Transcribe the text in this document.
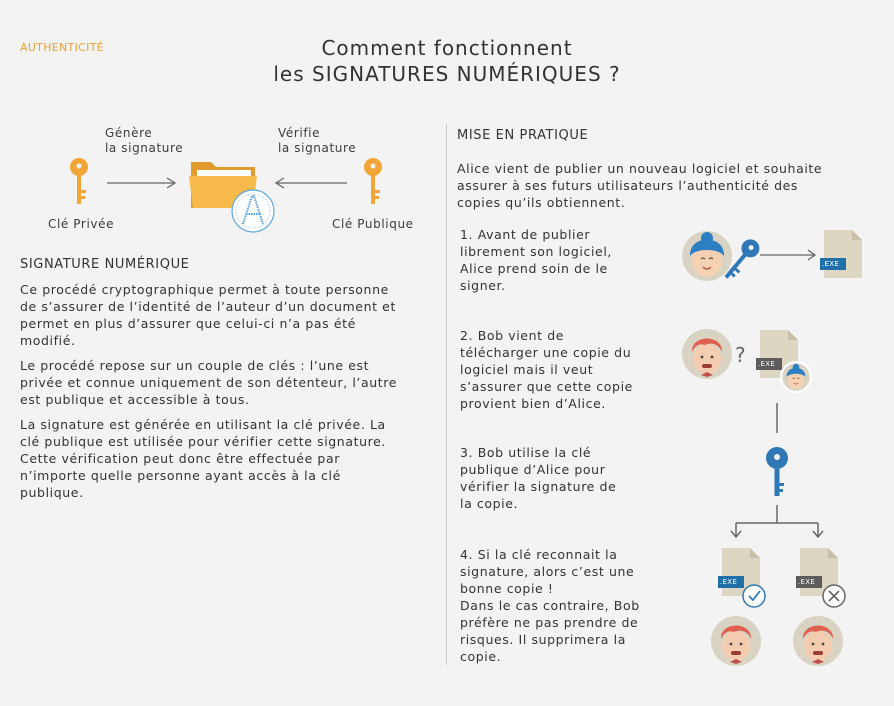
AUTHENTICITÉ	Comment fonctionnent
les SIGNATURES NUMÉRIQUES ?
Génère
la signature
Vérifie
la signature
Clé Privée	Clé Publique
SIGNATURE NUMÉRIQUE

Ce procédé cryptographique permet à toute personne
de s’assurer de l’identité de l’auteur d’un document et
permet en plus d’assurer que celui-ci n’a pas été
modifié.

Le procédé repose sur un couple de clés : l’une est
privée et connue uniquement de son détenteur, l’autre
est publique et accessible à tous.

La signature est générée en utilisant la clé privée. La
clé publique est utilisée pour vérifier cette signature.
Cette vérification peut donc être effectuée par
n’importe quelle personne ayant accès à la clé
publique.

MISE EN PRATIQUE
Alice vient de publier un nouveau logiciel et souhaite
assurer à ses futurs utilisateurs l’authenticité des
copies qu’ils obtiennent.
1. Avant de publier
librement son logiciel,
Alice prend soin de le
signer.
2. Bob vient de
télécharger une copie du
logiciel mais il veut
s’assurer que cette copie
provient bien d’Alice.
3. Bob utilise la clé
publique d’Alice pour
vérifier la signature de
la copie.
4. Si la clé reconnait la
signature, alors c’est une
bonne copie !
Dans le cas contraire, Bob
préfère ne pas prendre de
risques. Il supprimera la
copie.
.EXE
.EXE
.EXE	.EXE
?
